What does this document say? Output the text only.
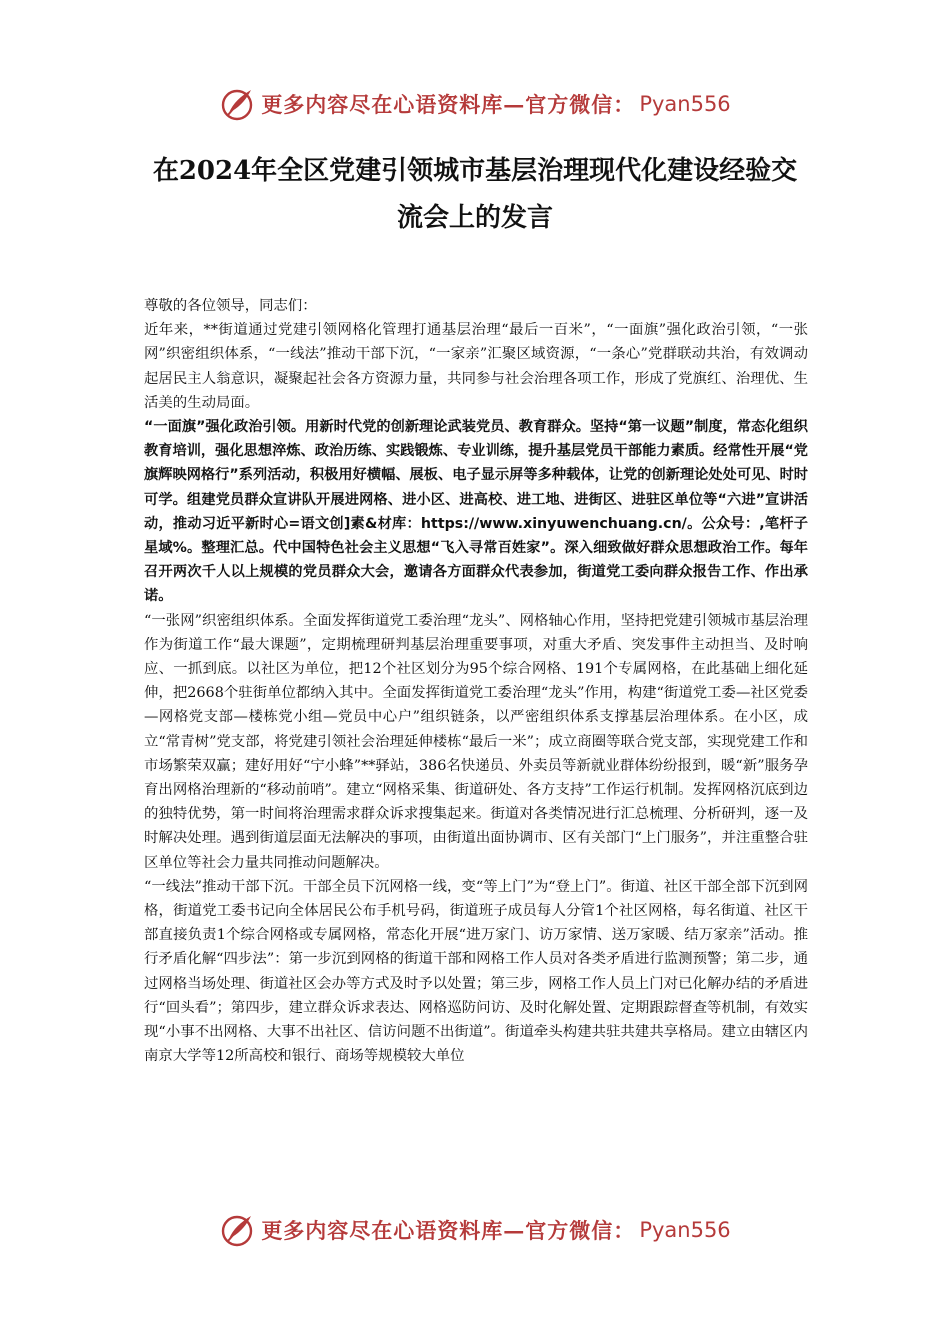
更多内容尽在心语资料库—官方微信： Pyan556
在2024年全区党建引领城市基层治理现代化建设经验交流会上的发言

尊敬的各位领导，同志们：

近年来，**街道通过党建引领网格化管理打通基层治理“最后一百米”，“一面旗”强化政治引领，“一张网”织密组织体系，“一线法”推动干部下沉，“一家亲”汇聚区域资源，“一条心”党群联动共治，有效调动起居民主人翁意识，凝聚起社会各方资源力量，共同参与社会治理各项工作，形成了党旗红、治理优、生活美的生动局面。

“一面旗”强化政治引领。用新时代党的创新理论武装党员、教育群众。坚持“第一议题”制度，常态化组织教育培训，强化思想淬炼、政治历练、实践锻炼、专业训练，提升基层党员干部能力素质。经常性开展“党旗辉映网格行”系列活动，积极用好横幅、展板、电子显示屏等多种载体，让党的创新理论处处可见、时时可学。组建党员群众宣讲队开展进网格、进小区、进高校、进工地、进街区、进驻区单位等“六进”宣讲活动，推动习近平新时心=语文创]素&材库：https://www.xinyuwenchuang.cn/。公众号：,笔杆子星域%。整理汇总。代中国特色社会主义思想“飞入寻常百姓家”。深入细致做好群众思想政治工作。每年召开两次千人以上规模的党员群众大会，邀请各方面群众代表参加，街道党工委向群众报告工作、作出承诺。

“一张网”织密组织体系。全面发挥街道党工委治理“龙头”、网格轴心作用，坚持把党建引领城市基层治理作为街道工作“最大课题”，定期梳理研判基层治理重要事项，对重大矛盾、突发事件主动担当、及时响应、一抓到底。以社区为单位，把12个社区划分为95个综合网格、191个专属网格，在此基础上细化延伸，把2668个驻街单位都纳入其中。全面发挥街道党工委治理“龙头”作用，构建“街道党工委—社区党委—网格党支部—楼栋党小组—党员中心户”组织链条，以严密组织体系支撑基层治理体系。在小区，成立“常青树”党支部，将党建引领社会治理延伸楼栋“最后一米”；成立商圈等联合党支部，实现党建工作和市场繁荣双赢；建好用好“宁小蜂”**驿站，386名快递员、外卖员等新就业群体纷纷报到，暖“新”服务孕育出网格治理新的“移动前哨”。建立“网格采集、街道研处、各方支持”工作运行机制。发挥网格沉底到边的独特优势，第一时间将治理需求群众诉求搜集起来。街道对各类情况进行汇总梳理、分析研判，逐一及时解决处理。遇到街道层面无法解决的事项，由街道出面协调市、区有关部门“上门服务”，并注重整合驻区单位等社会力量共同推动问题解决。

“一线法”推动干部下沉。干部全员下沉网格一线，变“等上门”为“登上门”。街道、社区干部全部下沉到网格，街道党工委书记向全体居民公布手机号码，街道班子成员每人分管1个社区网格，每名街道、社区干部直接负责1个综合网格或专属网格，常态化开展“进万家门、访万家情、送万家暖、结万家亲”活动。推行矛盾化解“四步法”：第一步沉到网格的街道干部和网格工作人员对各类矛盾进行监测预警；第二步，通过网格当场处理、街道社区会办等方式及时予以处置；第三步，网格工作人员上门对已化解办结的矛盾进行“回头看”；第四步，建立群众诉求表达、网格巡防问访、及时化解处置、定期跟踪督查等机制，有效实现“小事不出网格、大事不出社区、信访问题不出街道”。街道牵头构建共驻共建共享格局。建立由辖区内南京大学等12所高校和银行、商场等规模较大单位

更多内容尽在心语资料库—官方微信： Pyan556
